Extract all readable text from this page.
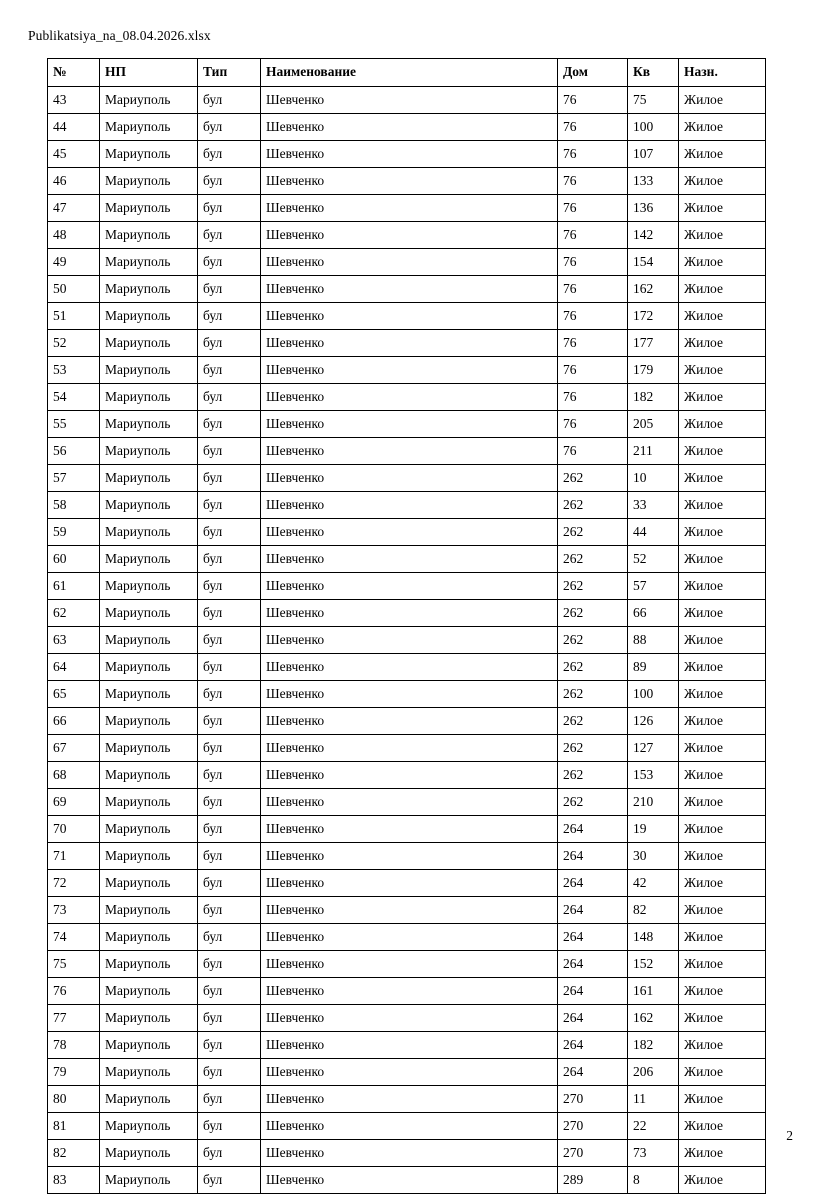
Publikatsiya_na_08.04.2026.xlsx
№	НП	Тип	Наименование	Дом	Кв	Назн.
43	Мариуполь	бул	Шевченко	76	75	Жилое
44	Мариуполь	бул	Шевченко	76	100	Жилое
45	Мариуполь	бул	Шевченко	76	107	Жилое
46	Мариуполь	бул	Шевченко	76	133	Жилое
47	Мариуполь	бул	Шевченко	76	136	Жилое
48	Мариуполь	бул	Шевченко	76	142	Жилое
49	Мариуполь	бул	Шевченко	76	154	Жилое
50	Мариуполь	бул	Шевченко	76	162	Жилое
51	Мариуполь	бул	Шевченко	76	172	Жилое
52	Мариуполь	бул	Шевченко	76	177	Жилое
53	Мариуполь	бул	Шевченко	76	179	Жилое
54	Мариуполь	бул	Шевченко	76	182	Жилое
55	Мариуполь	бул	Шевченко	76	205	Жилое
56	Мариуполь	бул	Шевченко	76	211	Жилое
57	Мариуполь	бул	Шевченко	262	10	Жилое
58	Мариуполь	бул	Шевченко	262	33	Жилое
59	Мариуполь	бул	Шевченко	262	44	Жилое
60	Мариуполь	бул	Шевченко	262	52	Жилое
61	Мариуполь	бул	Шевченко	262	57	Жилое
62	Мариуполь	бул	Шевченко	262	66	Жилое
63	Мариуполь	бул	Шевченко	262	88	Жилое
64	Мариуполь	бул	Шевченко	262	89	Жилое
65	Мариуполь	бул	Шевченко	262	100	Жилое
66	Мариуполь	бул	Шевченко	262	126	Жилое
67	Мариуполь	бул	Шевченко	262	127	Жилое
68	Мариуполь	бул	Шевченко	262	153	Жилое
69	Мариуполь	бул	Шевченко	262	210	Жилое
70	Мариуполь	бул	Шевченко	264	19	Жилое
71	Мариуполь	бул	Шевченко	264	30	Жилое
72	Мариуполь	бул	Шевченко	264	42	Жилое
73	Мариуполь	бул	Шевченко	264	82	Жилое
74	Мариуполь	бул	Шевченко	264	148	Жилое
75	Мариуполь	бул	Шевченко	264	152	Жилое
76	Мариуполь	бул	Шевченко	264	161	Жилое
77	Мариуполь	бул	Шевченко	264	162	Жилое
78	Мариуполь	бул	Шевченко	264	182	Жилое
79	Мариуполь	бул	Шевченко	264	206	Жилое
80	Мариуполь	бул	Шевченко	270	11	Жилое
81	Мариуполь	бул	Шевченко	270	22	Жилое
82	Мариуполь	бул	Шевченко	270	73	Жилое
83	Мариуполь	бул	Шевченко	289	8	Жилое
2
